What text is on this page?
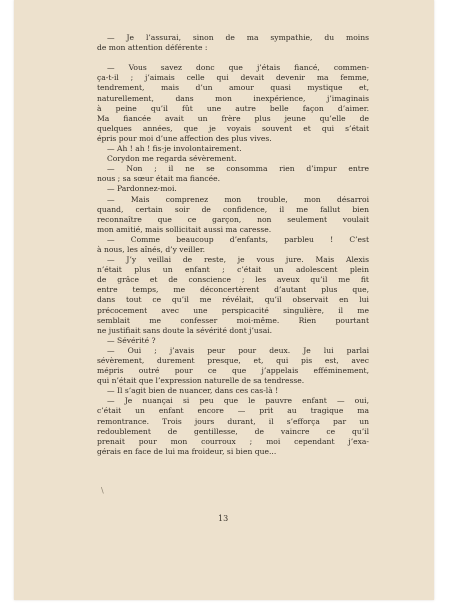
— Je l’assurai, sinon de ma sympathie, du moins
de mon attention déférente :
— Vous savez donc que j’étais fiancé, commen-
ça-t-il ; j’aimais celle qui devait devenir ma femme,
tendrement, mais d’un amour quasi mystique et,
naturellement, dans mon inexpérience, j’imaginais
à peine qu’il fût une autre belle façon d’aimer.
Ma fiancée avait un frère plus jeune qu’elle de
quelques années, que je voyais souvent et qui s’était
épris pour moi d’une affection des plus vives.
— Ah ! ah ! fis-je involontairement.
Corydon me regarda sévèrement.
— Non ; il ne se consomma rien d’impur entre
nous ; sa sœur était ma fiancée.
— Pardonnez-moi.
— Mais comprenez mon trouble, mon désarroi
quand, certain soir de confidence, il me fallut bien
reconnaître que ce garçon, non seulement voulait
mon amitié, mais sollicitait aussi ma caresse.
— Comme beaucoup d’enfants, parbleu ! C’est
à nous, les aînés, d’y veiller.
— J’y veillai de reste, je vous jure. Mais Alexis
n’était plus un enfant ; c’était un adolescent plein
de grâce et de conscience ; les aveux qu’il me fit
entre temps, me déconcertèrent d’autant plus que,
dans tout ce qu’il me révélait, qu’il observait en lui
précocement avec une perspicacité singulière, il me
semblait me confesser moi-même. Rien pourtant
ne justifiait sans doute la sévérité dont j’usai.
— Sévérité ?
— Oui ; j’avais peur pour deux. Je lui parlai
sévèrement, durement presque, et, qui pis est, avec
mépris outré pour ce que j’appelais efféminement,
qui n’était que l’expression naturelle de sa tendresse.
— Il s’agit bien de nuancer, dans ces cas-là !
— Je nuançai si peu que le pauvre enfant — oui,
c’était un enfant encore — prit au tragique ma
remontrance. Trois jours durant, il s’efforça par un
redoublement de gentillesse, de vaincre ce qu’il
prenait pour mon courroux ; moi cependant j’exa-
gérais en face de lui ma froideur, si bien que...
\
13
